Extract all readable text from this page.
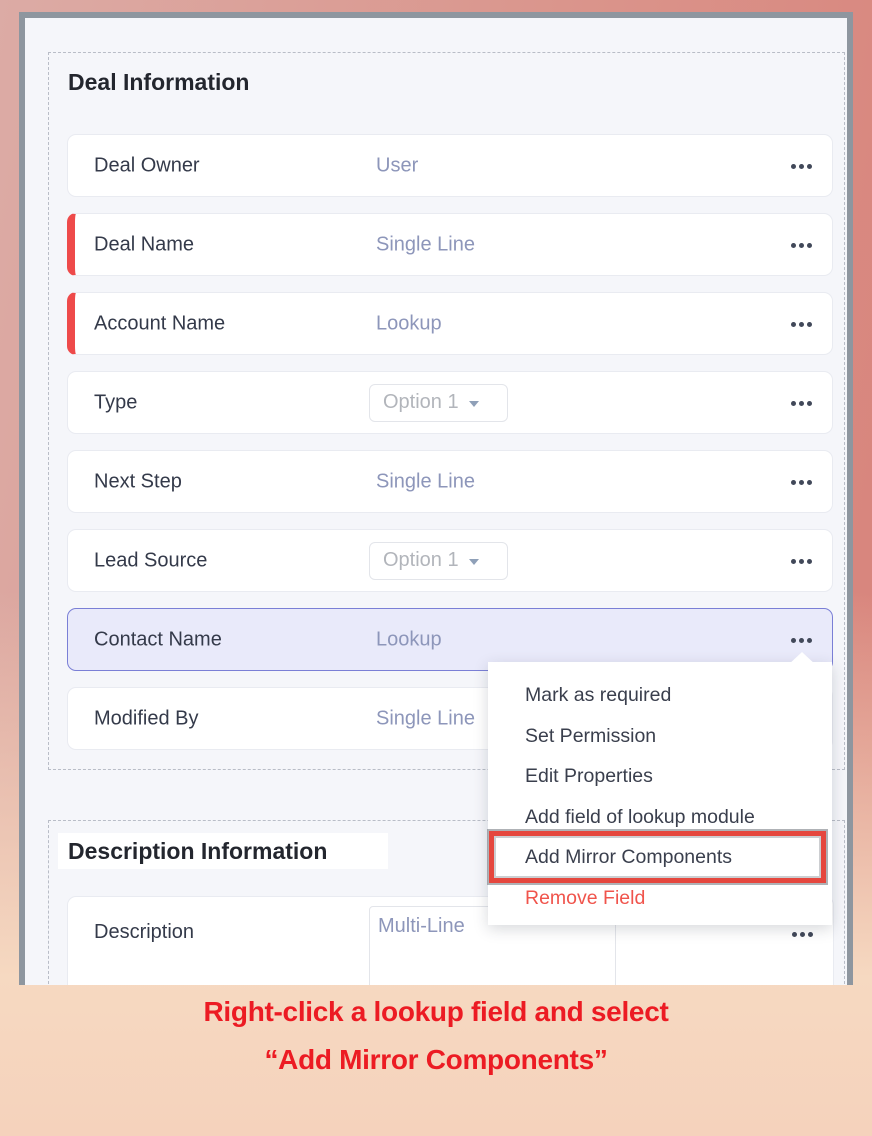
Deal Information
Deal Owner	User
Deal Name	Single Line
Account Name	Lookup
Type	Option 1
Next Step	Single Line
Lead Source	Option 1
Contact Name	Lookup
Modified By	Single Line
Description Information
Description	Multi-Line
Mark as required
Set Permission
Edit Properties
Add field of lookup module
Add Mirror Components
Remove Field
Right-click a lookup field and select
“Add Mirror Components”
